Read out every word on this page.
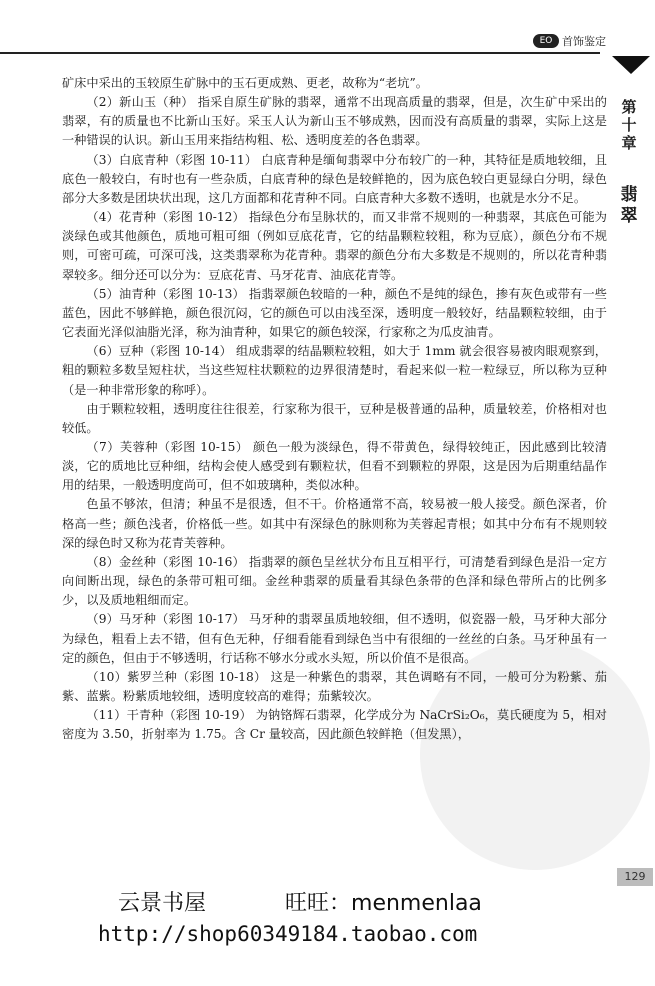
EO 首饰鉴定
第
十
章
翡
翠

矿床中采出的玉较原生矿脉中的玉石更成熟、更老，故称为“老坑”。

（2）新山玉（种） 指采自原生矿脉的翡翠，通常不出现高质量的翡翠，但是，次生矿中采出的翡翠，有的质量也不比新山玉好。采玉人认为新山玉不够成熟，因而没有高质量的翡翠，实际上这是一种错误的认识。新山玉用来指结构粗、松、透明度差的各色翡翠。

（3）白底青种（彩图 10-11） 白底青种是缅甸翡翠中分布较广的一种，其特征是质地较细，且底色一般较白，有时也有一些杂质，白底青种的绿色是较鲜艳的，因为底色较白更显绿白分明，绿色部分大多数是团块状出现，这几方面都和花青种不同。白底青种大多数不透明，也就是水分不足。

（4）花青种（彩图 10-12） 指绿色分布呈脉状的，而又非常不规则的一种翡翠，其底色可能为淡绿色或其他颜色，质地可粗可细（例如豆底花青，它的结晶颗粒较粗，称为豆底），颜色分布不规则，可密可疏，可深可浅，这类翡翠称为花青种。翡翠的颜色分布大多数是不规则的，所以花青种翡翠较多。细分还可以分为：豆底花青、马牙花青、油底花青等。

（5）油青种（彩图 10-13） 指翡翠颜色较暗的一种，颜色不是纯的绿色，掺有灰色或带有一些蓝色，因此不够鲜艳，颜色很沉闷，它的颜色可以由浅至深，透明度一般较好，结晶颗粒较细，由于它表面光泽似油脂光泽，称为油青种，如果它的颜色较深，行家称之为瓜皮油青。

（6）豆种（彩图 10-14） 组成翡翠的结晶颗粒较粗，如大于 1mm 就会很容易被肉眼观察到，粗的颗粒多数呈短柱状，当这些短柱状颗粒的边界很清楚时，看起来似一粒一粒绿豆，所以称为豆种（是一种非常形象的称呼）。

由于颗粒较粗，透明度往往很差，行家称为很干，豆种是极普通的品种，质量较差，价格相对也较低。

（7）芙蓉种（彩图 10-15） 颜色一般为淡绿色，得不带黄色，绿得较纯正，因此感到比较清淡，它的质地比豆种细，结构会使人感受到有颗粒状，但看不到颗粒的界限，这是因为后期重结晶作用的结果，一般透明度尚可，但不如玻璃种，类似冰种。

色虽不够浓，但清；种虽不是很透，但不干。价格通常不高，较易被一般人接受。颜色深者，价格高一些；颜色浅者，价格低一些。如其中有深绿色的脉则称为芙蓉起青根；如其中分布有不规则较深的绿色时又称为花青芙蓉种。

（8）金丝种（彩图 10-16） 指翡翠的颜色呈丝状分布且互相平行，可清楚看到绿色是沿一定方向间断出现，绿色的条带可粗可细。金丝种翡翠的质量看其绿色条带的色泽和绿色带所占的比例多少，以及质地粗细而定。

（9）马牙种（彩图 10-17） 马牙种的翡翠虽质地较细，但不透明，似瓷器一般，马牙种大部分为绿色，粗看上去不错，但有色无种，仔细看能看到绿色当中有很细的一丝丝的白条。马牙种虽有一定的颜色，但由于不够透明，行话称不够水分或水头短，所以价值不是很高。

（10）紫罗兰种（彩图 10-18） 这是一种紫色的翡翠，其色调略有不同，一般可分为粉紫、茄紫、蓝紫。粉紫质地较细，透明度较高的难得；茄紫较次。

（11）干青种（彩图 10-19） 为钠铬辉石翡翠，化学成分为 NaCrSi₂O₆，莫氏硬度为 5，相对密度为 3.50，折射率为 1.75。含 Cr 量较高，因此颜色较鲜艳（但发黑），

129
云景书屋	旺旺：menmenlaa
http://shop60349184.taobao.com
